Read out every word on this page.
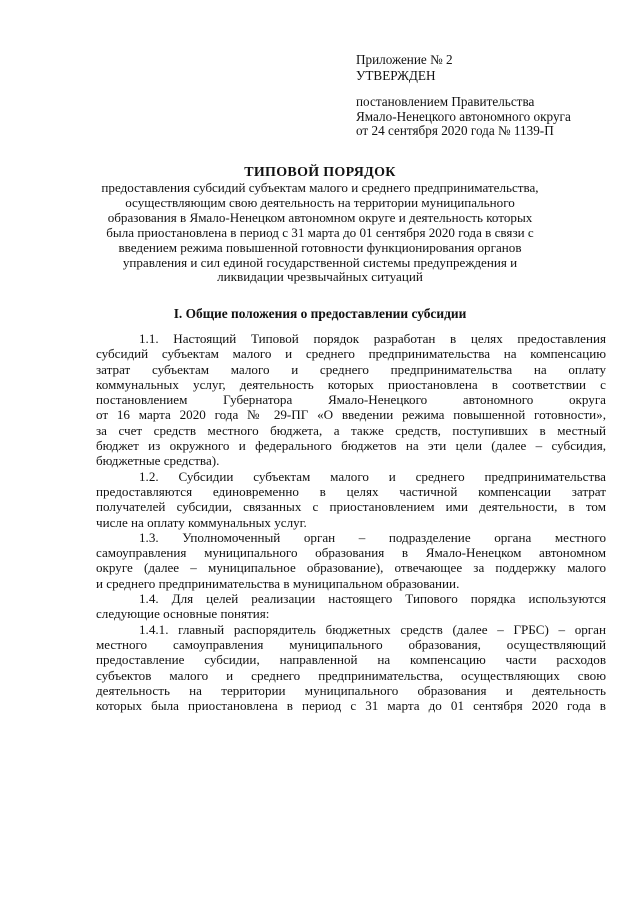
Приложение № 2
УТВЕРЖДЕН
постановлением Правительства
Ямало-Ненецкого автономного округа
от 24 сентября 2020 года № 1139-П
ТИПОВОЙ ПОРЯДОК
предоставления субсидий субъектам малого и среднего предпринимательства,
осуществляющим свою деятельность на территории муниципального
образования в Ямало-Ненецком автономном округе и деятельность которых
была приостановлена в период с 31 марта до 01 сентября 2020 года в связи с
введением режима повышенной готовности функционирования органов
управления и сил единой государственной системы предупреждения и
ликвидации чрезвычайных ситуаций
I. Общие положения о предоставлении субсидии
1.1. Настоящий Типовой порядок разработан в целях предоставления
субсидий субъектам малого и среднего предпринимательства на компенсацию
затрат субъектам малого и среднего предпринимательства на оплату
коммунальных услуг, деятельность которых приостановлена в соответствии с
постановлением Губернатора Ямало-Ненецкого автономного округа
от 16 марта 2020 года № 29-ПГ «О введении режима повышенной готовности»,
за счет средств местного бюджета, а также средств, поступивших в местный
бюджет из окружного и федерального бюджетов на эти цели (далее – субсидия,
бюджетные средства).
1.2. Субсидии субъектам малого и среднего предпринимательства
предоставляются единовременно в целях частичной компенсации затрат
получателей субсидии, связанных с приостановлением ими деятельности, в том
числе на оплату коммунальных услуг.
1.3. Уполномоченный орган – подразделение органа местного
самоуправления муниципального образования в Ямало-Ненецком автономном
округе (далее – муниципальное образование), отвечающее за поддержку малого
и среднего предпринимательства в муниципальном образовании.
1.4. Для целей реализации настоящего Типового порядка используются
следующие основные понятия:
1.4.1. главный распорядитель бюджетных средств (далее – ГРБС) – орган
местного самоуправления муниципального образования, осуществляющий
предоставление субсидии, направленной на компенсацию части расходов
субъектов малого и среднего предпринимательства, осуществляющих свою
деятельность на территории муниципального образования и деятельность
которых была приостановлена в период с 31 марта до 01 сентября 2020 года в
